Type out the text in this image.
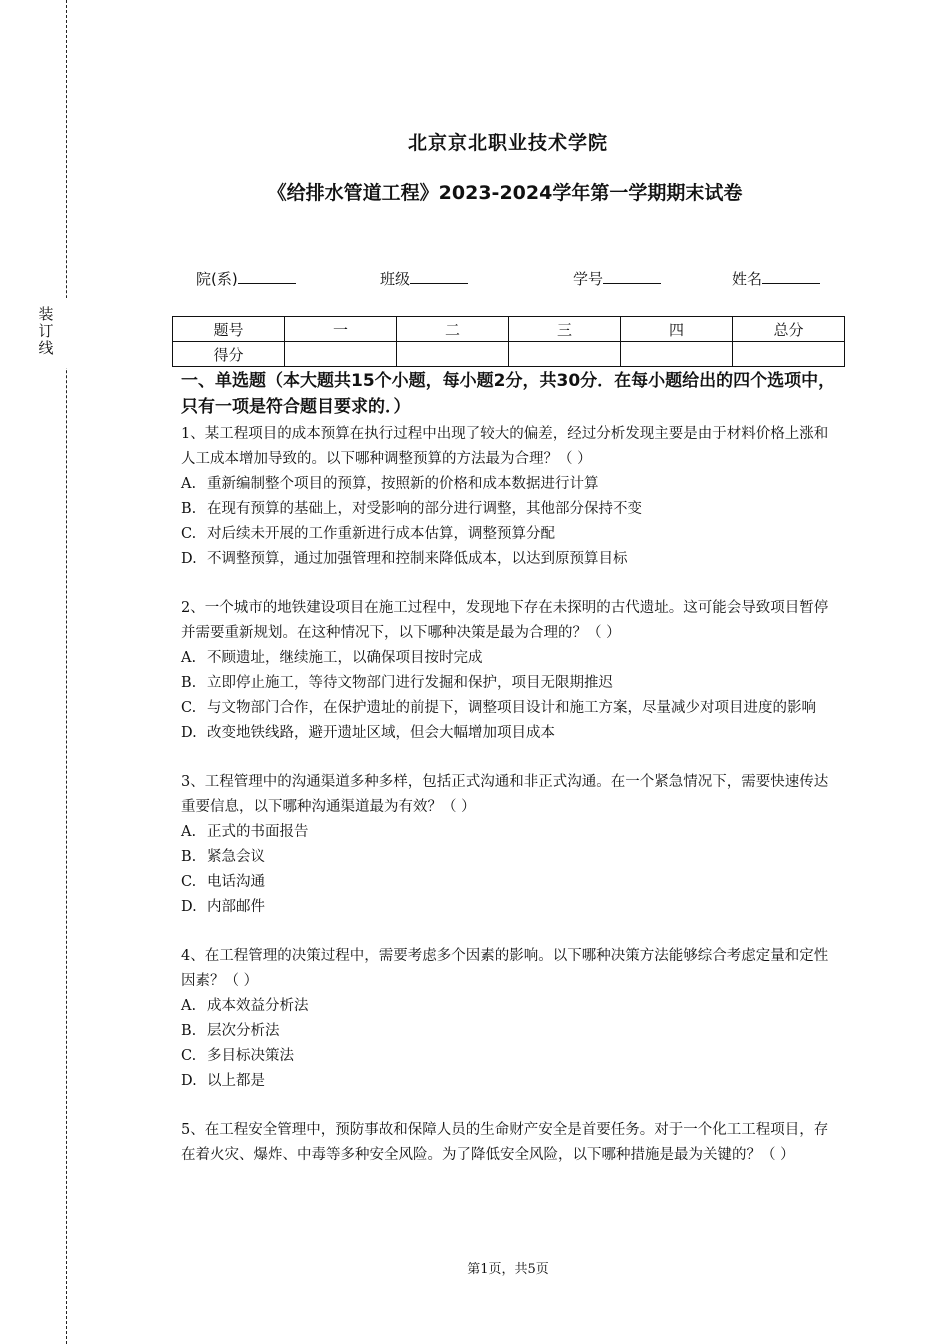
装
订
线
北京京北职业技术学院
《给排水管道工程》2023-2024学年第一学期期末试卷
院(系)	班级	学号	姓名
题号	一	二	三	四	总分
得分					

一、单选题（本大题共15个小题，每小题2分，共30分．在每小题给出的四个选项中，只有一项是符合题目要求的．）

1、某工程项目的成本预算在执行过程中出现了较大的偏差，经过分析发现主要是由于材料价格上涨和人工成本增加导致的。以下哪种调整预算的方法最为合理？（ ）

A. 重新编制整个项目的预算，按照新的价格和成本数据进行计算

B. 在现有预算的基础上，对受影响的部分进行调整，其他部分保持不变

C. 对后续未开展的工作重新进行成本估算，调整预算分配

D. 不调整预算，通过加强管理和控制来降低成本，以达到原预算目标

2、一个城市的地铁建设项目在施工过程中，发现地下存在未探明的古代遗址。这可能会导致项目暂停并需要重新规划。在这种情况下，以下哪种决策是最为合理的？（ ）

A. 不顾遗址，继续施工，以确保项目按时完成

B. 立即停止施工，等待文物部门进行发掘和保护，项目无限期推迟

C. 与文物部门合作，在保护遗址的前提下，调整项目设计和施工方案，尽量减少对项目进度的影响

D. 改变地铁线路，避开遗址区域，但会大幅增加项目成本

3、工程管理中的沟通渠道多种多样，包括正式沟通和非正式沟通。在一个紧急情况下，需要快速传达重要信息，以下哪种沟通渠道最为有效？（ ）

A. 正式的书面报告

B. 紧急会议

C. 电话沟通

D. 内部邮件

4、在工程管理的决策过程中，需要考虑多个因素的影响。以下哪种决策方法能够综合考虑定量和定性因素？（ ）

A. 成本效益分析法

B. 层次分析法

C. 多目标决策法

D. 以上都是

5、在工程安全管理中，预防事故和保障人员的生命财产安全是首要任务。对于一个化工工程项目，存在着火灾、爆炸、中毒等多种安全风险。为了降低安全风险，以下哪种措施是最为关键的？（ ）

第1页，共5页
